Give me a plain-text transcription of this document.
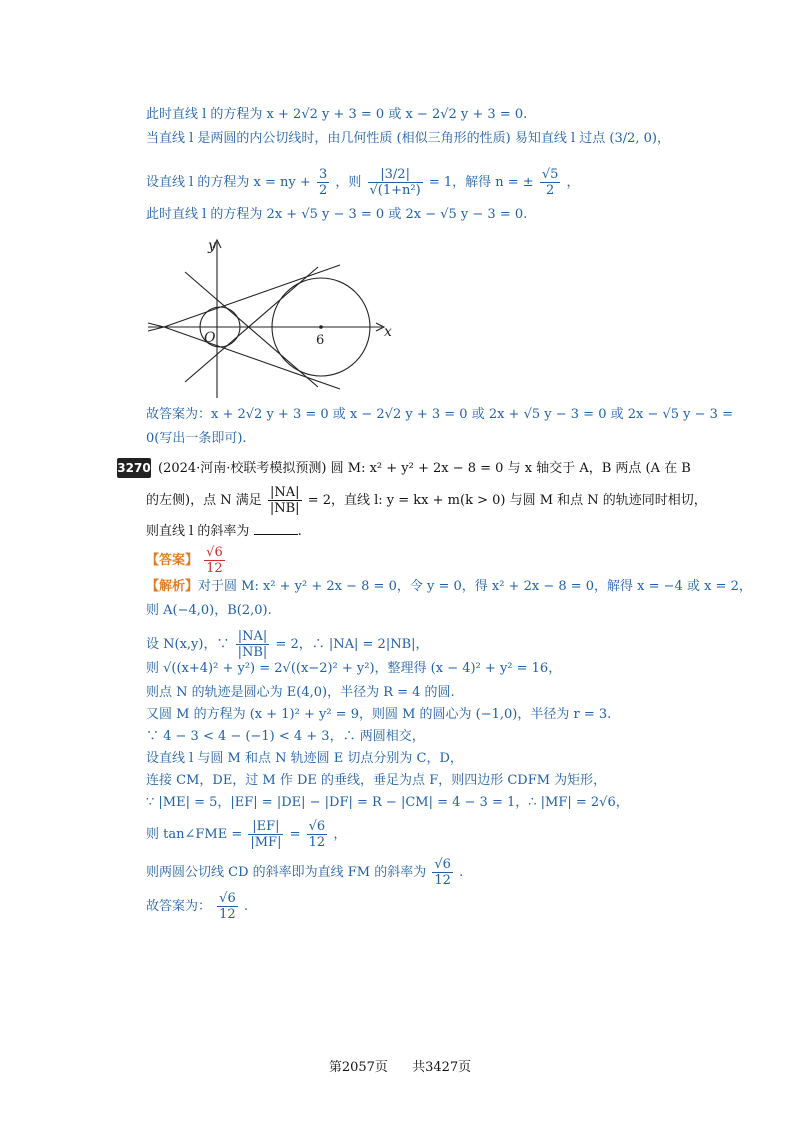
此时直线 l 的方程为 x + 2√2 y + 3 = 0 或 x − 2√2 y + 3 = 0.
当直线 l 是两圆的内公切线时，由几何性质 (相似三角形的性质) 易知直线 l 过点 (3/2, 0)，
设直线 l 的方程为 x = ny + $\frac{3}{2}$ ，则 $\frac{|3/2|}{\text{√(1+n²)}} = 1$，解得 n = ± $\frac{√5}{2}$ ，
此时直线 l 的方程为 2x + √5 y − 3 = 0 或 2x − √5 y − 3 = 0.
y
x
O	6
故答案为：x + 2√2 y + 3 = 0 或 x − 2√2 y + 3 = 0 或 2x + √5 y − 3 = 0 或 2x − √5 y − 3 =
0(写出一条即可).
3270 (2024·河南·校联考模拟预测) 圆 M: x² + y² + 2x − 8 = 0 与 x 轴交于 A，B 两点 (A 在 B
的左侧)，点 N 满足 $\frac{|NA|}{|NB|} = 2$，直线 l: y = kx + m(k > 0) 与圆 M 和点 N 的轨迹同时相切，
则直线 l 的斜率为	.
【答案】 $\frac{√6}{12}$
【解析】对于圆 M: x² + y² + 2x − 8 = 0，令 y = 0，得 x² + 2x − 8 = 0，解得 x = −4 或 x = 2，
则 A(−4,0)，B(2,0).
设 N(x,y)，∵ $\frac{|NA|}{|NB|} = 2$，∴ |NA| = 2|NB|，
则 √((x+4)² + y²) = 2√((x−2)² + y²)，整理得 (x − 4)² + y² = 16，
则点 N 的轨迹是圆心为 E(4,0)，半径为 R = 4 的圆.
又圆 M 的方程为 (x + 1)² + y² = 9，则圆 M 的圆心为 (−1,0)，半径为 r = 3.
∵ 4 − 3 < 4 − (−1) < 4 + 3，∴ 两圆相交，
设直线 l 与圆 M 和点 N 轨迹圆 E 切点分别为 C，D，
连接 CM，DE，过 M 作 DE 的垂线，垂足为点 F，则四边形 CDFM 为矩形，
∵ |ME| = 5，|EF| = |DE| − |DF| = R − |CM| = 4 − 3 = 1，∴ |MF| = 2√6，
则 tan∠FME = $\frac{|EF|}{|MF|} = \frac{√6}{12}$ ，
则两圆公切线 CD 的斜率即为直线 FM 的斜率为 $\frac{√6}{12}$ .
故答案为： $\frac{√6}{12}$ .
第2057页 共3427页
